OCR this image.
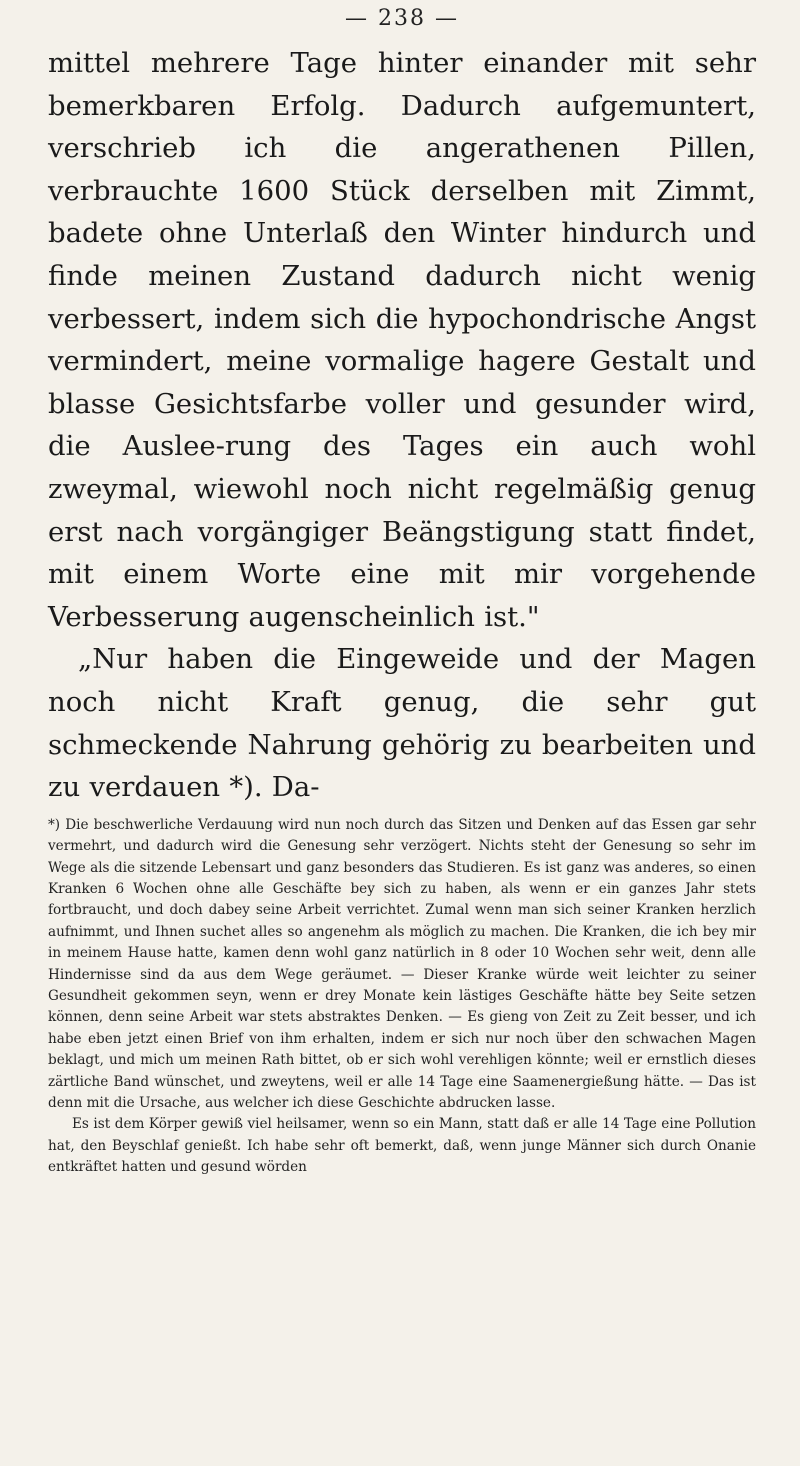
— 238 —

mittel mehrere Tage hinter einander mit sehr bemerkbaren Erfolg. Dadurch aufgemuntert, verschrieb ich die angerathenen Pillen, verbrauchte 1600 Stück derselben mit Zimmt, badete ohne Unterlaß den Winter hindurch und finde meinen Zustand dadurch nicht wenig verbessert, indem sich die hypochondrische Angst vermindert, meine vormalige hagere Gestalt und blasse Gesichtsfarbe voller und gesunder wird, die Auslee-rung des Tages ein auch wohl zweymal, wiewohl noch nicht regelmäßig genug erst nach vorgängiger Beängstigung statt findet, mit einem Worte eine mit mir vorgehende Verbesserung augenscheinlich ist."

„Nur haben die Eingeweide und der Magen noch nicht Kraft genug, die sehr gut schmeckende Nahrung gehörig zu bearbeiten und zu verdauen *). Da-

*) Die beschwerliche Verdauung wird nun noch durch das Sitzen und Denken auf das Essen gar sehr vermehrt, und dadurch wird die Genesung sehr verzögert. Nichts steht der Genesung so sehr im Wege als die sitzende Lebensart und ganz besonders das Studieren. Es ist ganz was anderes, so einen Kranken 6 Wochen ohne alle Geschäfte bey sich zu haben, als wenn er ein ganzes Jahr stets fortbraucht, und doch dabey seine Arbeit verrichtet. Zumal wenn man sich seiner Kranken herzlich aufnimmt, und Ihnen suchet alles so angenehm als möglich zu machen. Die Kranken, die ich bey mir in meinem Hause hatte, kamen denn wohl ganz natürlich in 8 oder 10 Wochen sehr weit, denn alle Hindernisse sind da aus dem Wege geräumet. — Dieser Kranke würde weit leichter zu seiner Gesundheit gekommen seyn, wenn er drey Monate kein lästiges Geschäfte hätte bey Seite setzen können, denn seine Arbeit war stets abstraktes Denken. — Es gieng von Zeit zu Zeit besser, und ich habe eben jetzt einen Brief von ihm erhalten, indem er sich nur noch über den schwachen Magen beklagt, und mich um meinen Rath bittet, ob er sich wohl verehligen könnte; weil er ernstlich dieses zärtliche Band wünschet, und zweytens, weil er alle 14 Tage eine Saamenergießung hätte. — Das ist denn mit die Ursache, aus welcher ich diese Geschichte abdrucken lasse.

Es ist dem Körper gewiß viel heilsamer, wenn so ein Mann, statt daß er alle 14 Tage eine Pollution hat, den Beyschlaf genießt. Ich habe sehr oft bemerkt, daß, wenn junge Männer sich durch Onanie entkräftet hatten und gesund wörden
